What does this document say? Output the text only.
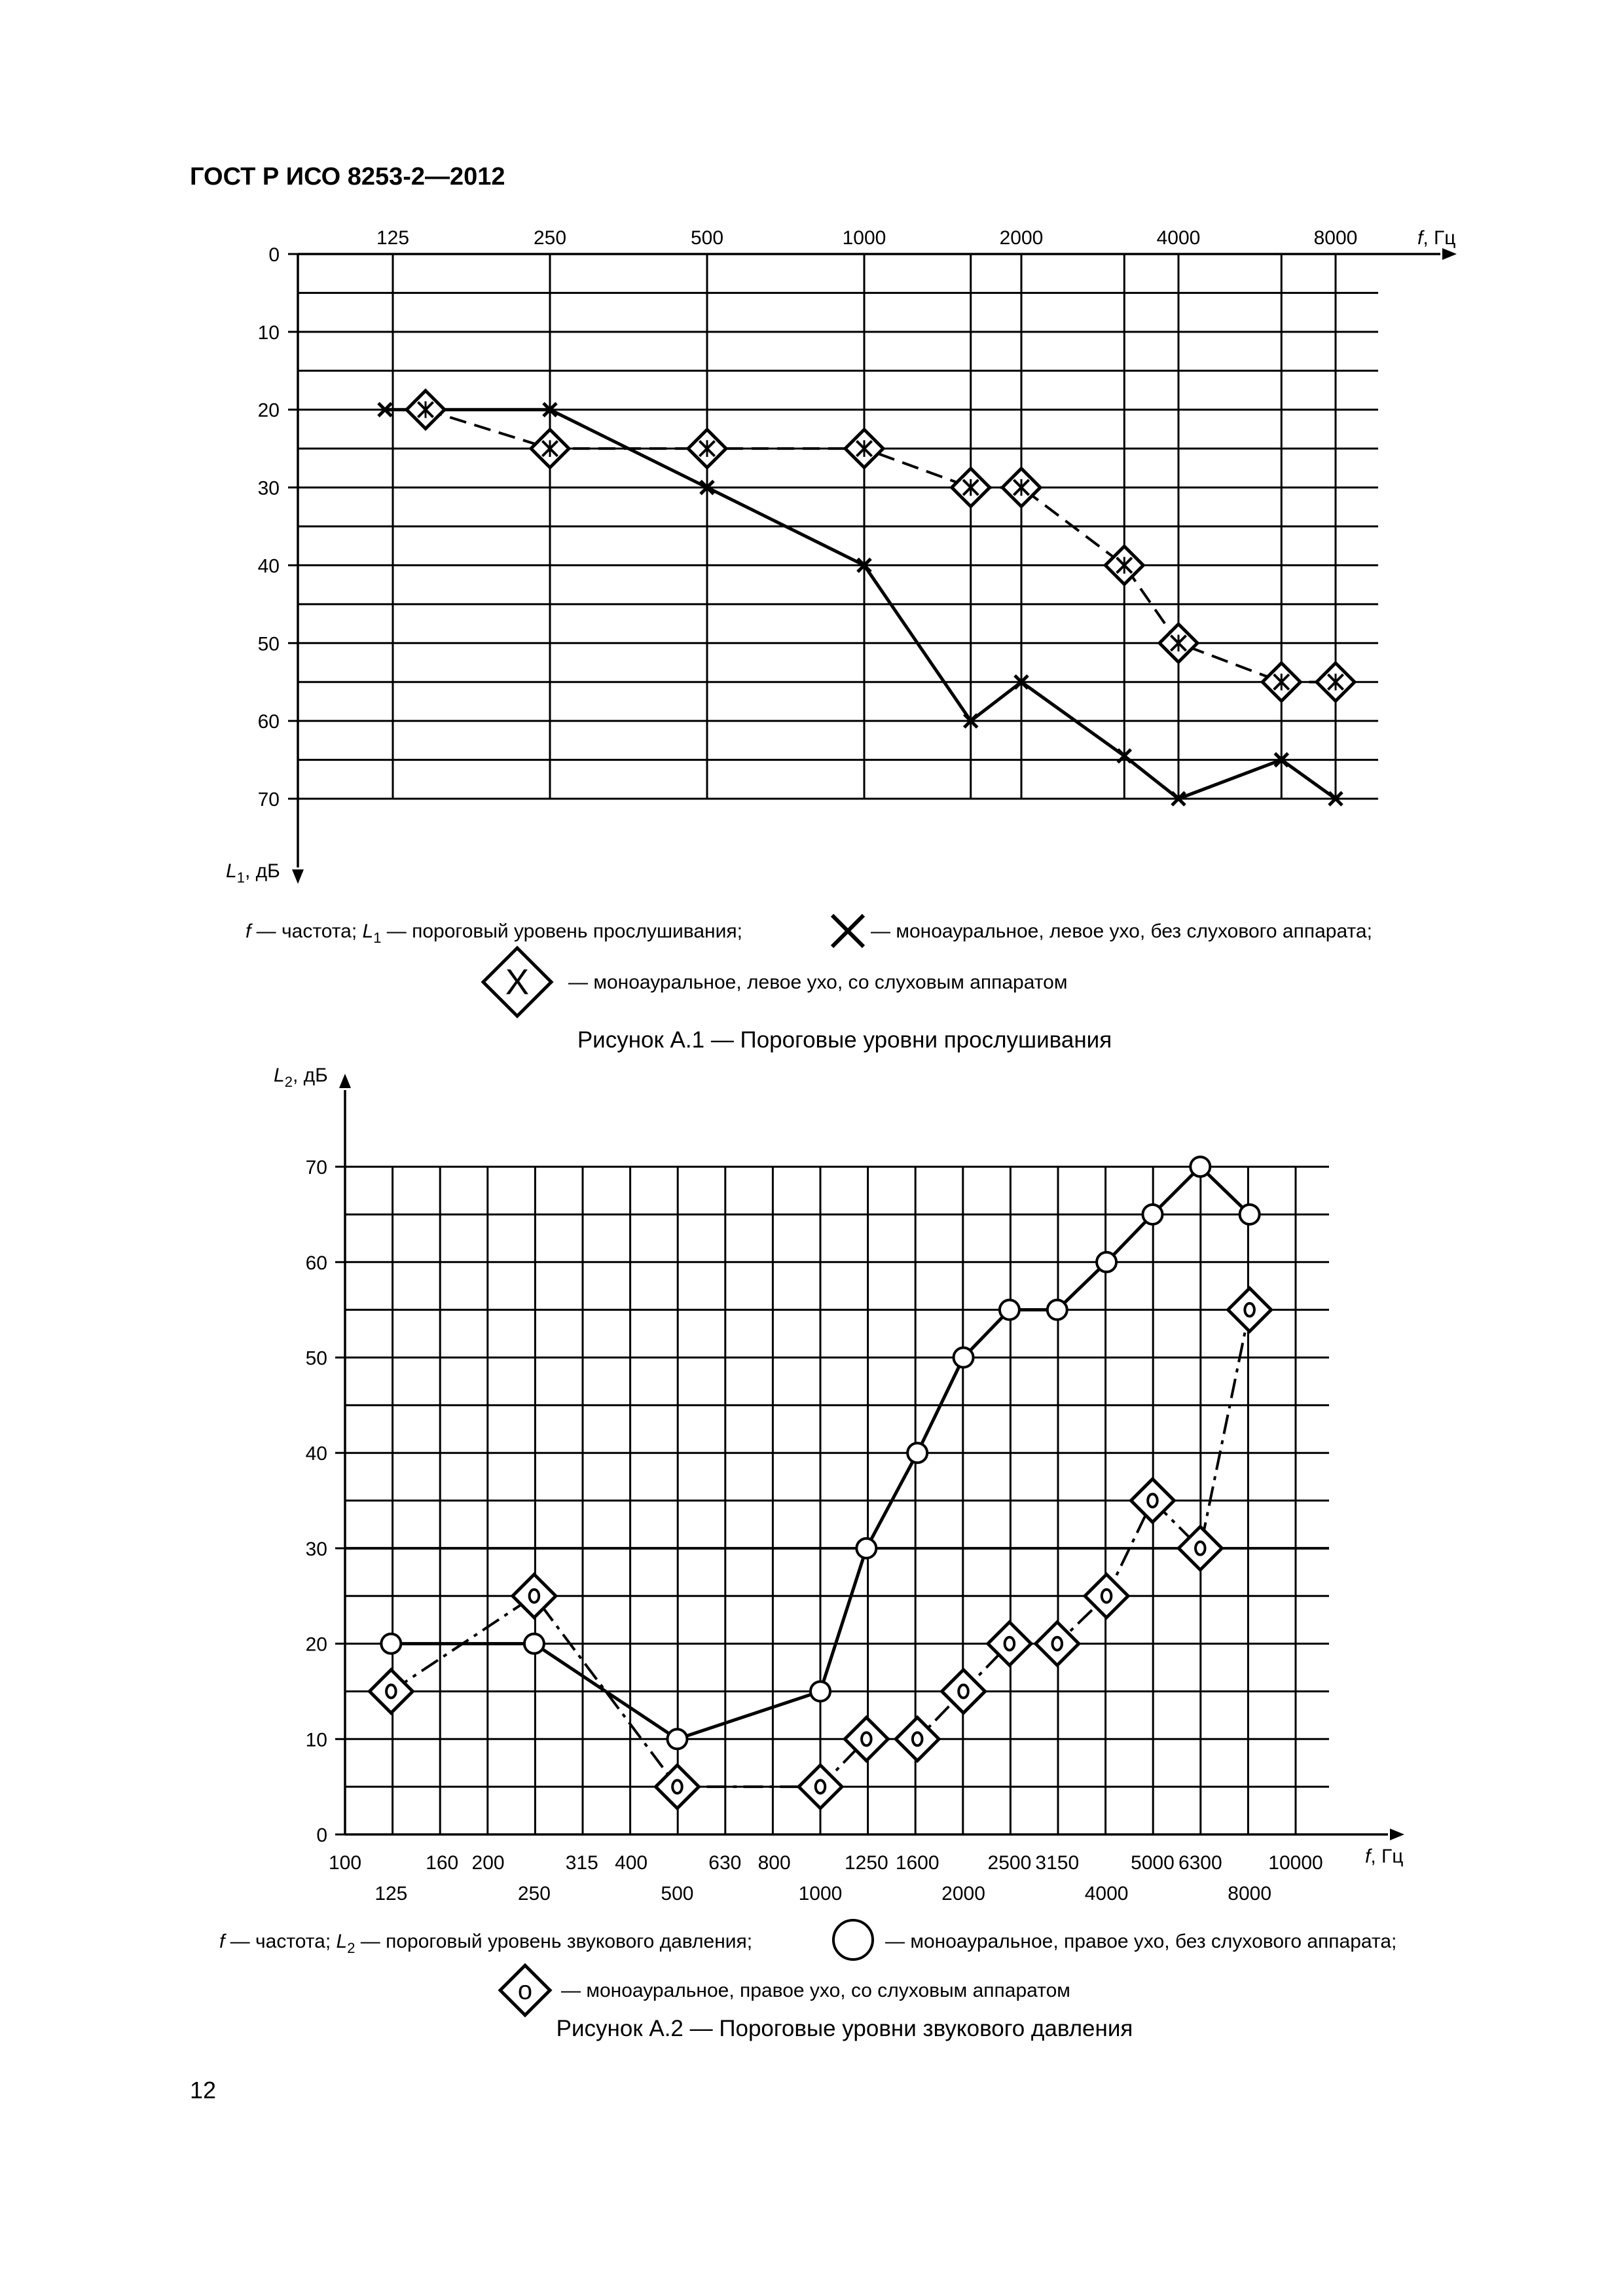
ГОСТ Р ИСО 8253-2—2012
0
10
20
30
40
50
60
70
125	250	500	1000	2000	4000	8000	f, Гц
$L_1$, дБ
f — частота; $L_1$ — пороговый уровень прослушивания;	— моноауральное, левое ухо, без слухового аппарата;
X — моноауральное, левое ухо, со слуховым аппаратом
Рисунок А.1 — Пороговые уровни прослушивания
0
10
20
30
40
50
60
70
100	160 200	315 400	630 800	1250 1600 2500 3150	5000 6300 10000
125	250	500	1000	2000	4000	8000
f, Гц
$L_2$, дБ
f — частота; $L_2$ — пороговый уровень звукового давления;	— моноауральное, правое ухо, без слухового аппарата;
o — моноауральное, правое ухо, со слуховым аппаратом
Рисунок А.2 — Пороговые уровни звукового давления
12
